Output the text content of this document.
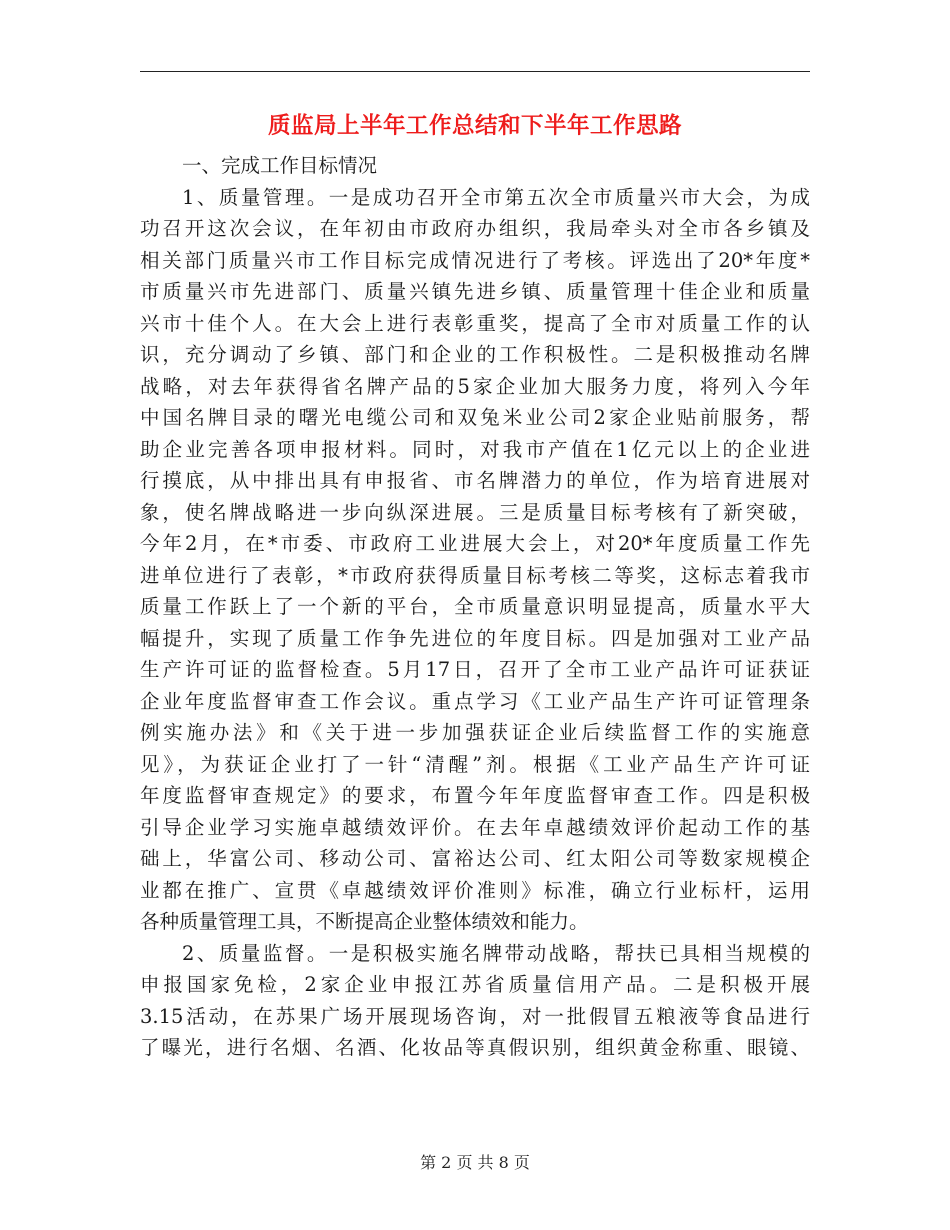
质监局上半年工作总结和下半年工作思路
一、完成工作目标情况
1、质量管理。一是成功召开全市第五次全市质量兴市大会，为成
功召开这次会议，在年初由市政府办组织，我局牵头对全市各乡镇及
相关部门质量兴市工作目标完成情况进行了考核。评选出了20*年度*
市质量兴市先进部门、质量兴镇先进乡镇、质量管理十佳企业和质量
兴市十佳个人。在大会上进行表彰重奖，提高了全市对质量工作的认
识，充分调动了乡镇、部门和企业的工作积极性。二是积极推动名牌
战略，对去年获得省名牌产品的5家企业加大服务力度，将列入今年
中国名牌目录的曙光电缆公司和双兔米业公司2家企业贴前服务，帮
助企业完善各项申报材料。同时，对我市产值在1亿元以上的企业进
行摸底，从中排出具有申报省、市名牌潜力的单位，作为培育进展对
象，使名牌战略进一步向纵深进展。三是质量目标考核有了新突破，
今年2月，在*市委、市政府工业进展大会上，对20*年度质量工作先
进单位进行了表彰，*市政府获得质量目标考核二等奖，这标志着我市
质量工作跃上了一个新的平台，全市质量意识明显提高，质量水平大
幅提升，实现了质量工作争先进位的年度目标。四是加强对工业产品
生产许可证的监督检查。5月17日，召开了全市工业产品许可证获证
企业年度监督审查工作会议。重点学习《工业产品生产许可证管理条
例实施办法》和《关于进一步加强获证企业后续监督工作的实施意
见》，为获证企业打了一针“清醒”剂。根据《工业产品生产许可证
年度监督审查规定》的要求，布置今年年度监督审查工作。四是积极
引导企业学习实施卓越绩效评价。在去年卓越绩效评价起动工作的基
础上，华富公司、移动公司、富裕达公司、红太阳公司等数家规模企
业都在推广、宣贯《卓越绩效评价准则》标准，确立行业标杆，运用
各种质量管理工具，不断提高企业整体绩效和能力。
2、质量监督。一是积极实施名牌带动战略，帮扶已具相当规模的
申报国家免检，2家企业申报江苏省质量信用产品。二是积极开展
3.15活动，在苏果广场开展现场咨询，对一批假冒五粮液等食品进行
了曝光，进行名烟、名酒、化妆品等真假识别，组织黄金称重、眼镜、
第 2 页 共 8 页
